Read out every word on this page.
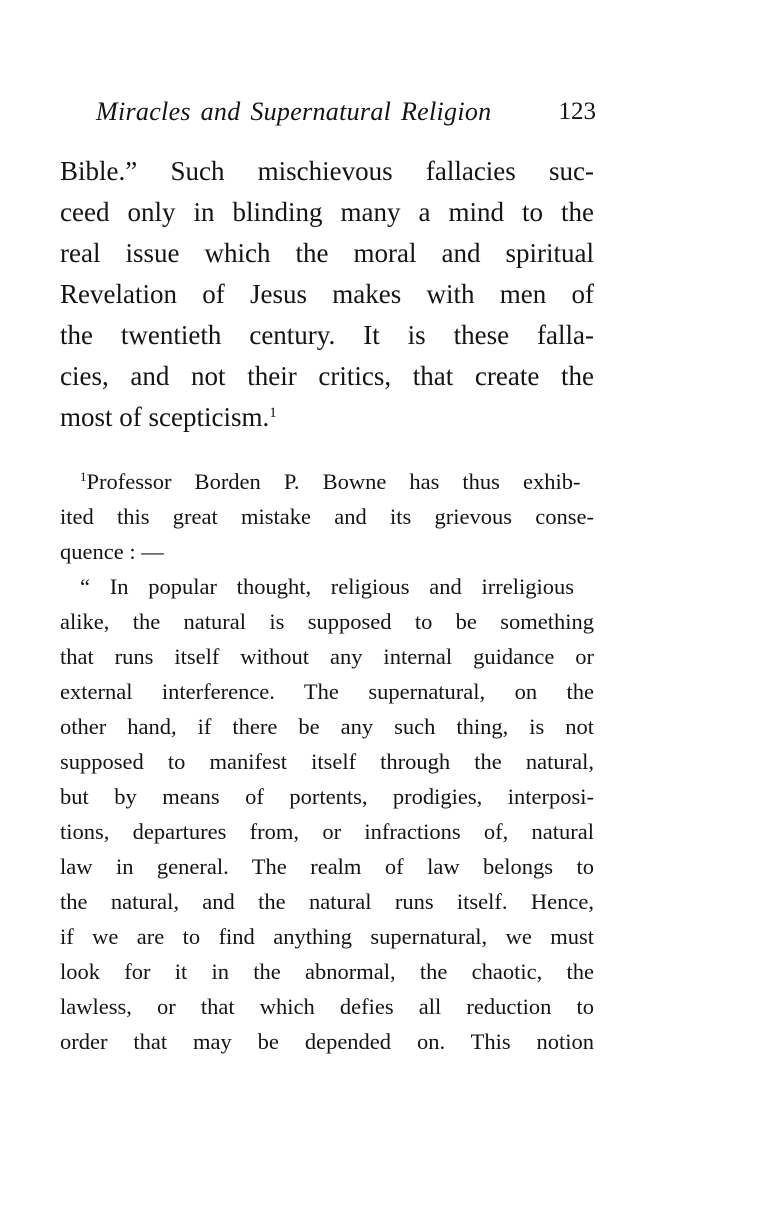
Miracles and Supernatural Religion	123
Bible.” Such mischievous fallacies suc-
ceed only in blinding many a mind to the
real issue which the moral and spiritual
Revelation of Jesus makes with men of
the twentieth century. It is these falla-
cies, and not their critics, that create the
most of scepticism.$^1$
$^1$Professor Borden P. Bowne has thus exhib-
ited this great mistake and its grievous conse-
quence : —
“ In popular thought, religious and irreligious
alike, the natural is supposed to be something
that runs itself without any internal guidance or
external interference. The supernatural, on the
other hand, if there be any such thing, is not
supposed to manifest itself through the natural,
but by means of portents, prodigies, interposi-
tions, departures from, or infractions of, natural
law in general. The realm of law belongs to
the natural, and the natural runs itself. Hence,
if we are to find anything supernatural, we must
look for it in the abnormal, the chaotic, the
lawless, or that which defies all reduction to
order that may be depended on. This notion
